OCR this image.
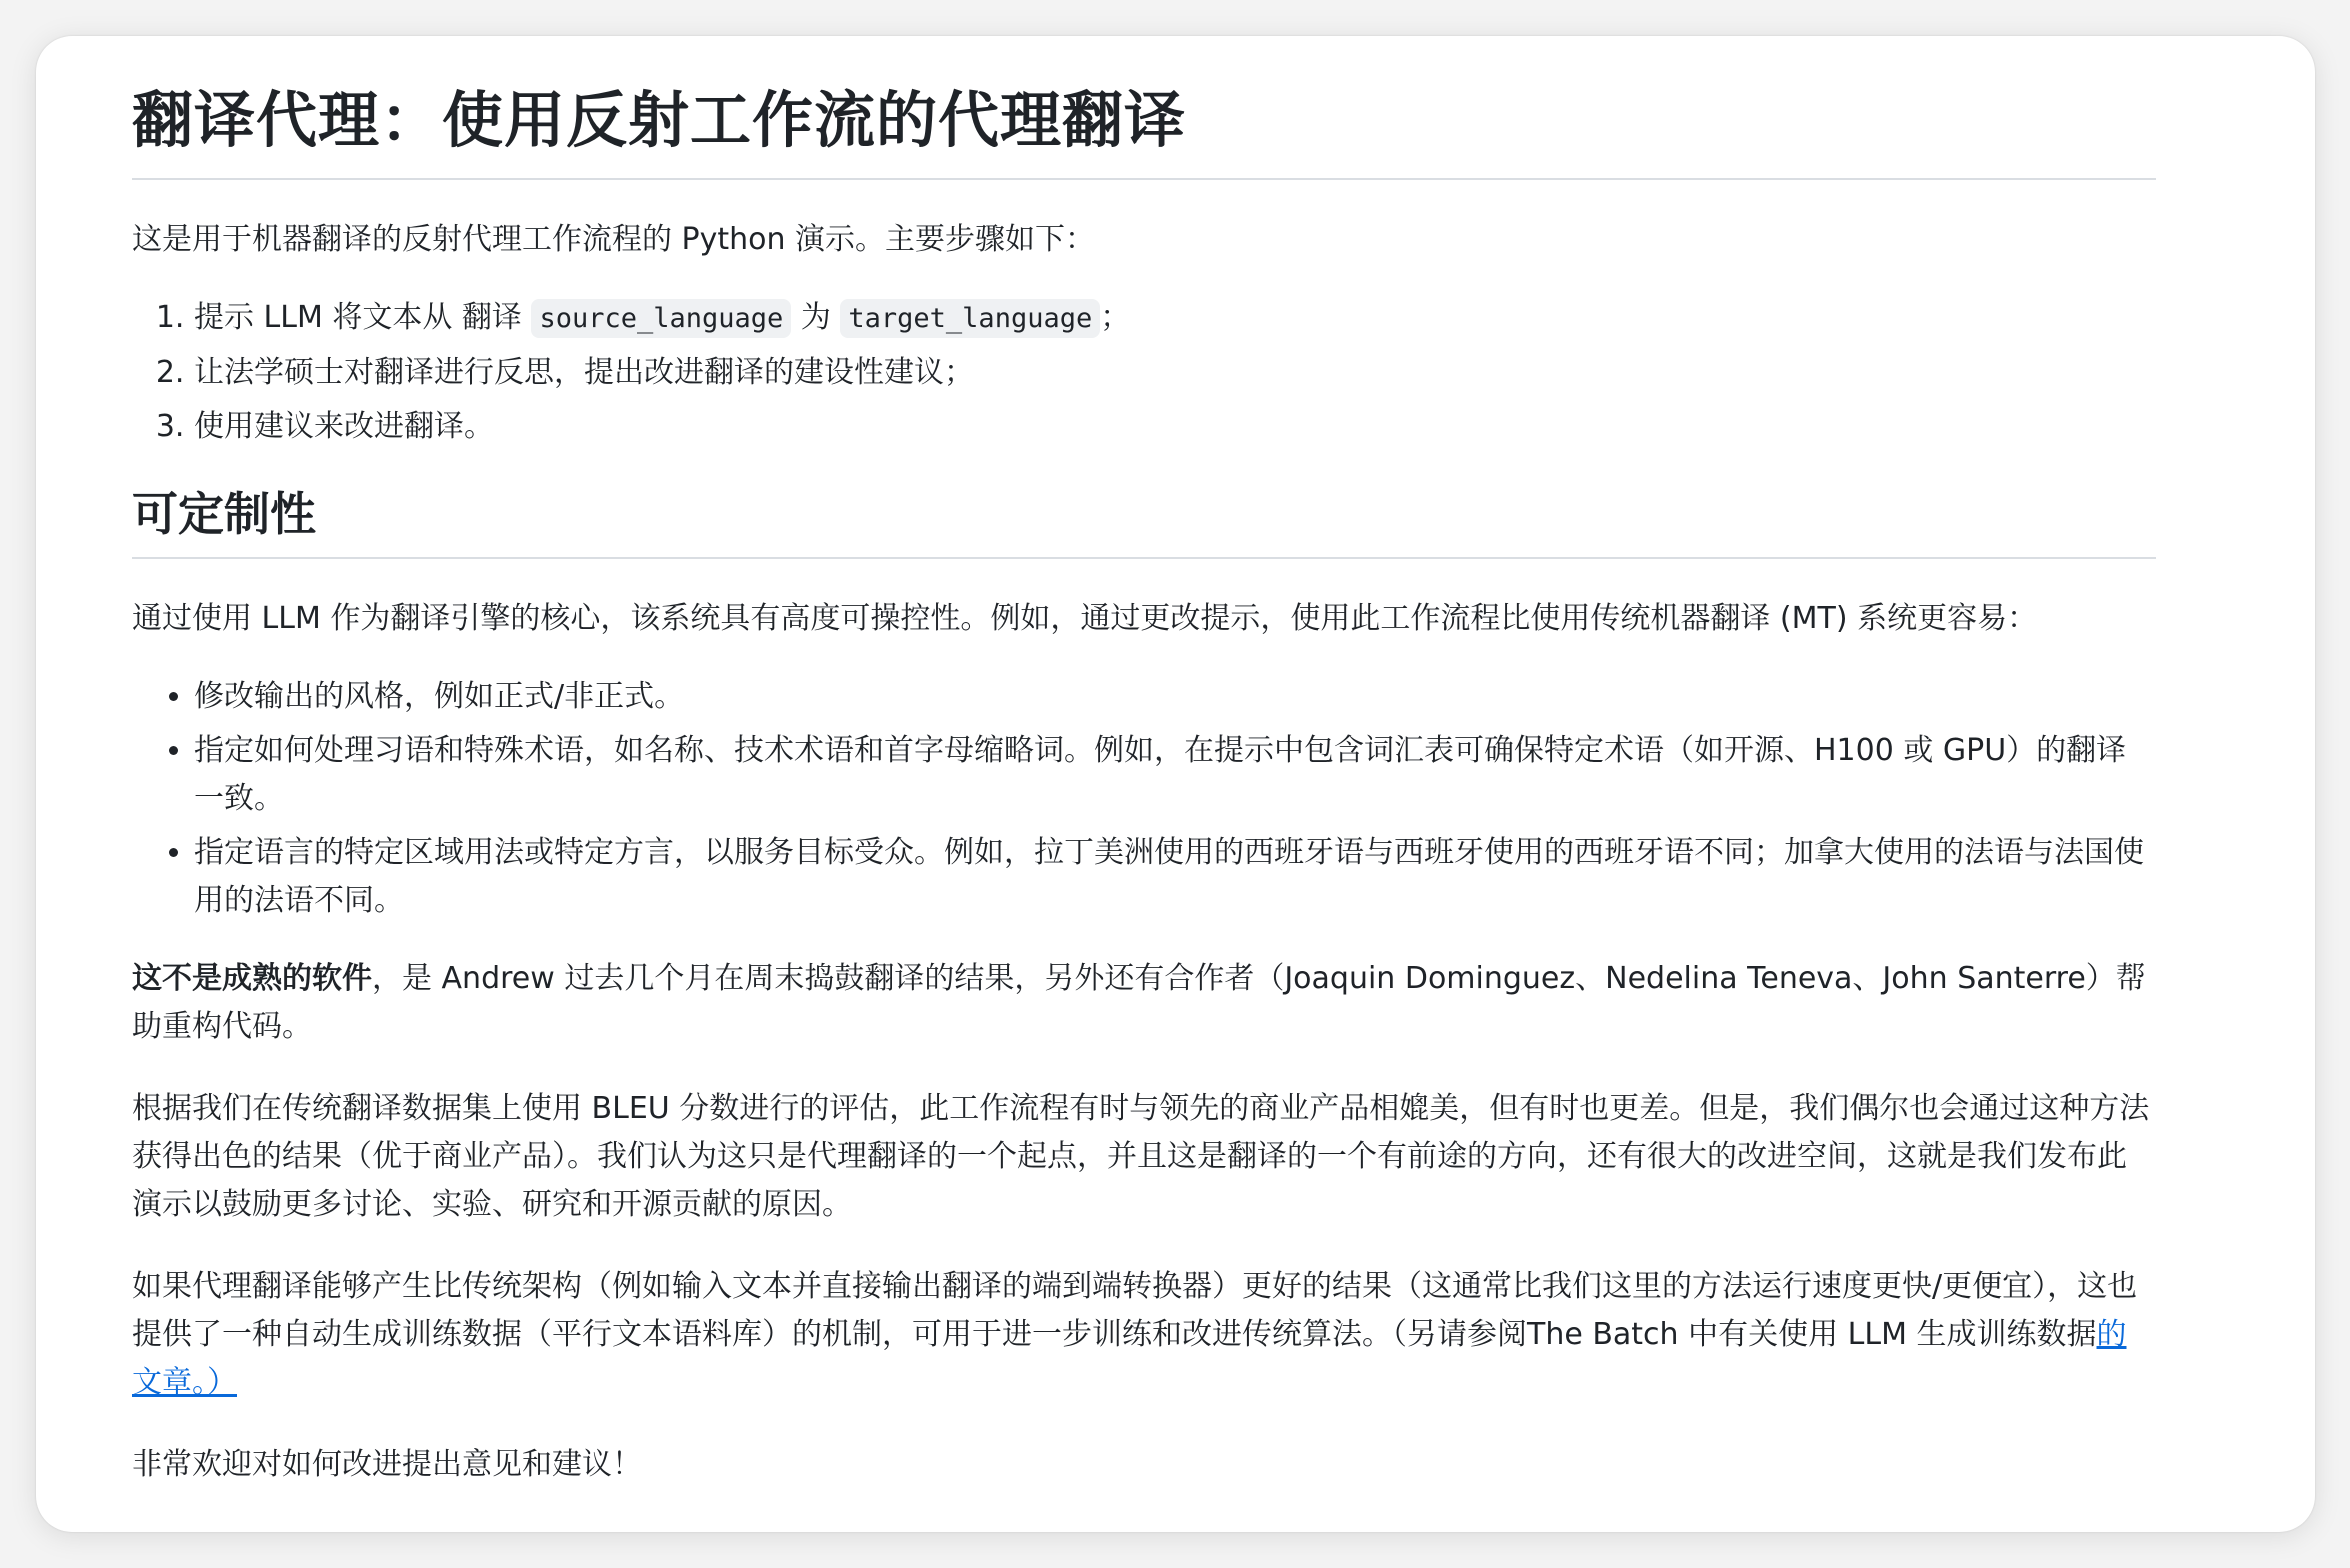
翻译代理：使用反射工作流的代理翻译

这是用于机器翻译的反射代理工作流程的 Python 演示。主要步骤如下：

1. 提示 LLM 将文本从 翻译 source_language 为 target_language ；
2. 让法学硕士对翻译进行反思，提出改进翻译的建设性建议；
3. 使用建议来改进翻译。
可定制性

通过使用 LLM 作为翻译引擎的核心，该系统具有高度可操控性。例如，通过更改提示，使用此工作流程比使用传统机器翻译 (MT) 系统更容易：

• 修改输出的风格，例如正式/非正式。
• 指定如何处理习语和特殊术语，如名称、技术术语和首字母缩略词。例如，在提示中包含词汇表可确保特定术语（如开源、H100 或 GPU）的翻译一致。
• 指定语言的特定区域用法或特定方言，以服务目标受众。例如，拉丁美洲使用的西班牙语与西班牙使用的西班牙语不同；加拿大使用的法语与法国使用的法语不同。

这不是成熟的软件，是 Andrew 过去几个月在周末捣鼓翻译的结果，另外还有合作者（Joaquin Dominguez、Nedelina Teneva、John Santerre）帮助重构代码。

根据我们在传统翻译数据集上使用 BLEU 分数进行的评估，此工作流程有时与领先的商业产品相媲美，但有时也更差。但是，我们偶尔也会通过这种方法获得出色的结果（优于商业产品）。我们认为这只是代理翻译的一个起点，并且这是翻译的一个有前途的方向，还有很大的改进空间，这就是我们发布此演示以鼓励更多讨论、实验、研究和开源贡献的原因。

如果代理翻译能够产生比传统架构（例如输入文本并直接输出翻译的端到端转换器）更好的结果（这通常比我们这里的方法运行速度更快/更便宜），这也提供了一种自动生成训练数据（平行文本语料库）的机制，可用于进一步训练和改进传统算法。（另请参阅The Batch 中有关使用 LLM 生成训练数据的文章。）

非常欢迎对如何改进提出意见和建议！
